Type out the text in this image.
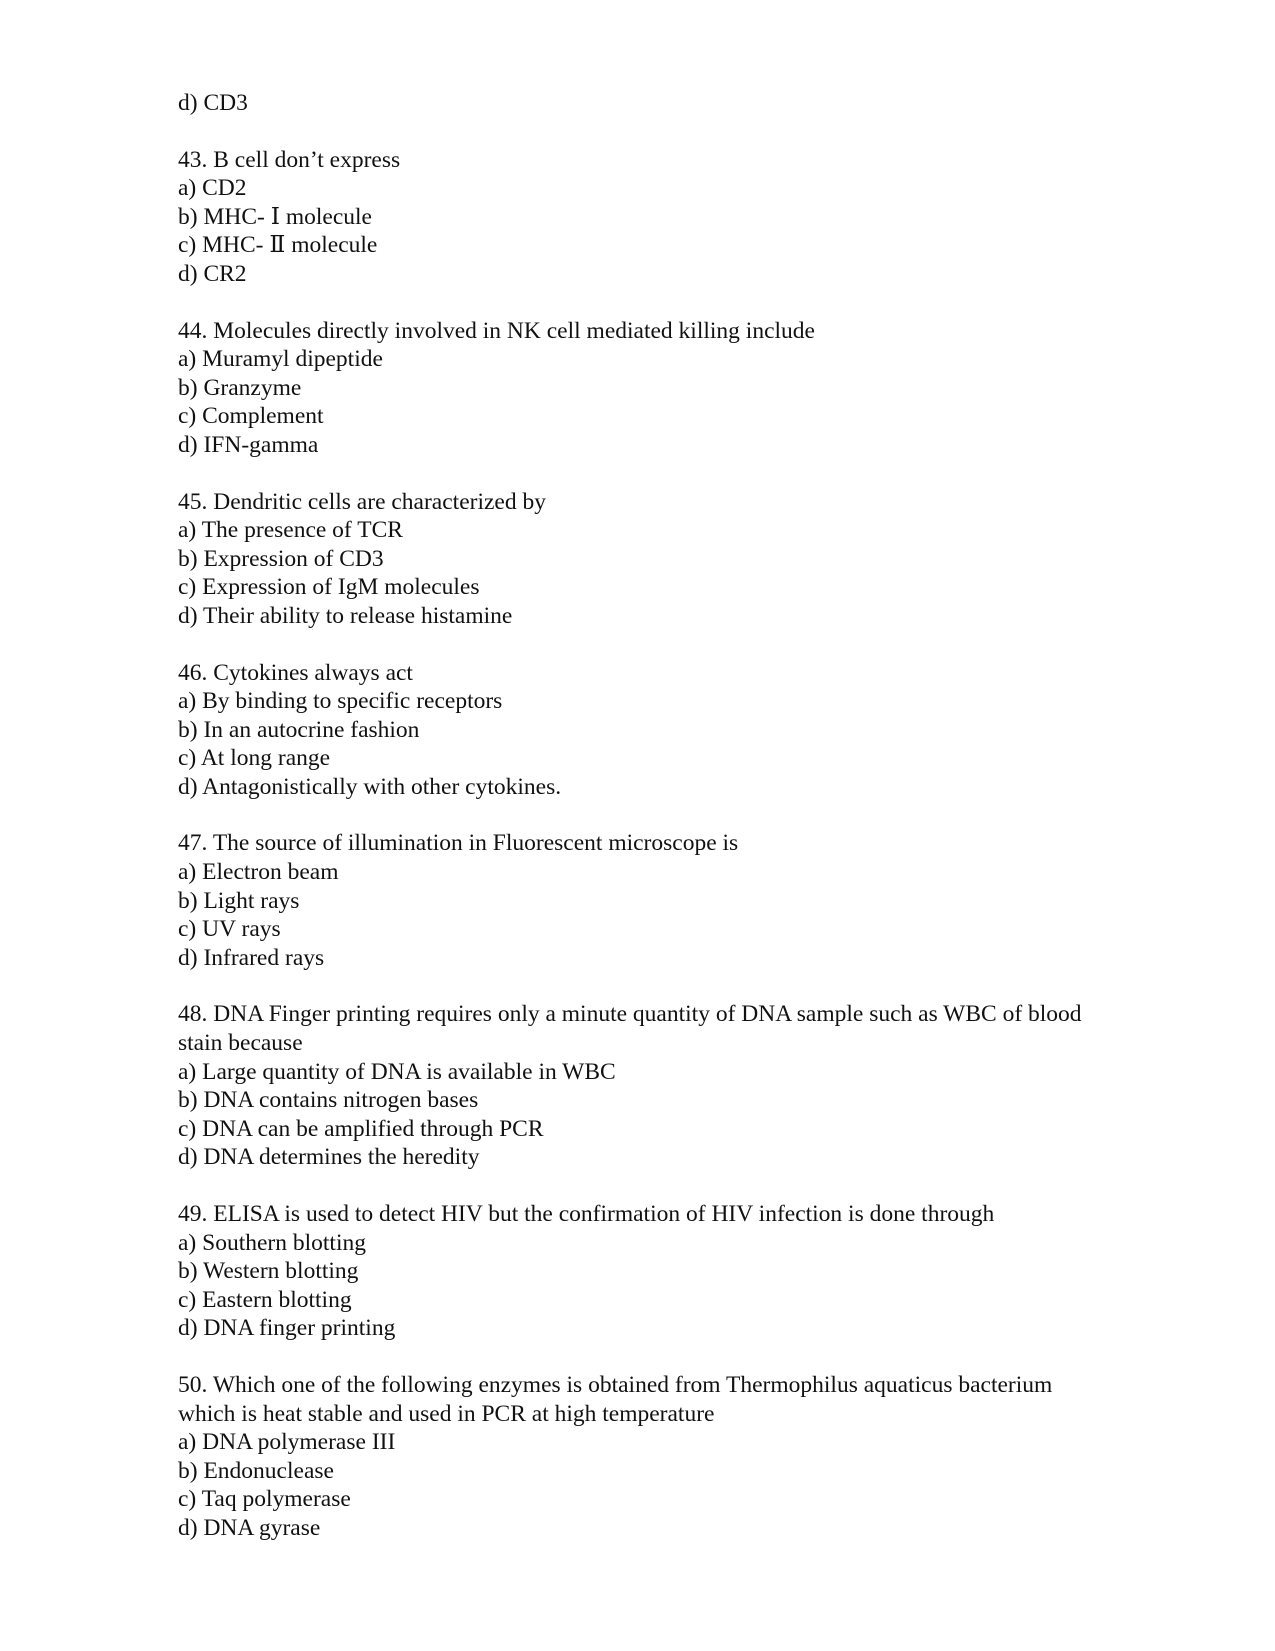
d) CD3
43. B cell don’t express
a) CD2
b) MHC- Ⅰ molecule
c) MHC- Ⅱ molecule
d) CR2
44. Molecules directly involved in NK cell mediated killing include
a) Muramyl dipeptide
b) Granzyme
c) Complement
d) IFN-gamma
45. Dendritic cells are characterized by
a) The presence of TCR
b) Expression of CD3
c) Expression of IgM molecules
d) Their ability to release histamine
46. Cytokines always act
a) By binding to specific receptors
b) In an autocrine fashion
c) At long range
d) Antagonistically with other cytokines.
47. The source of illumination in Fluorescent microscope is
a) Electron beam
b) Light rays
c) UV rays
d) Infrared rays
48. DNA Finger printing requires only a minute quantity of DNA sample such as WBC of blood stain because
a) Large quantity of DNA is available in WBC
b) DNA contains nitrogen bases
c) DNA can be amplified through PCR
d) DNA determines the heredity
49. ELISA is used to detect HIV but the confirmation of HIV infection is done through
a) Southern blotting
b) Western blotting
c) Eastern blotting
d) DNA finger printing
50. Which one of the following enzymes is obtained from Thermophilus aquaticus bacterium which is heat stable and used in PCR at high temperature
a) DNA polymerase III
b) Endonuclease
c) Taq polymerase
d) DNA gyrase
